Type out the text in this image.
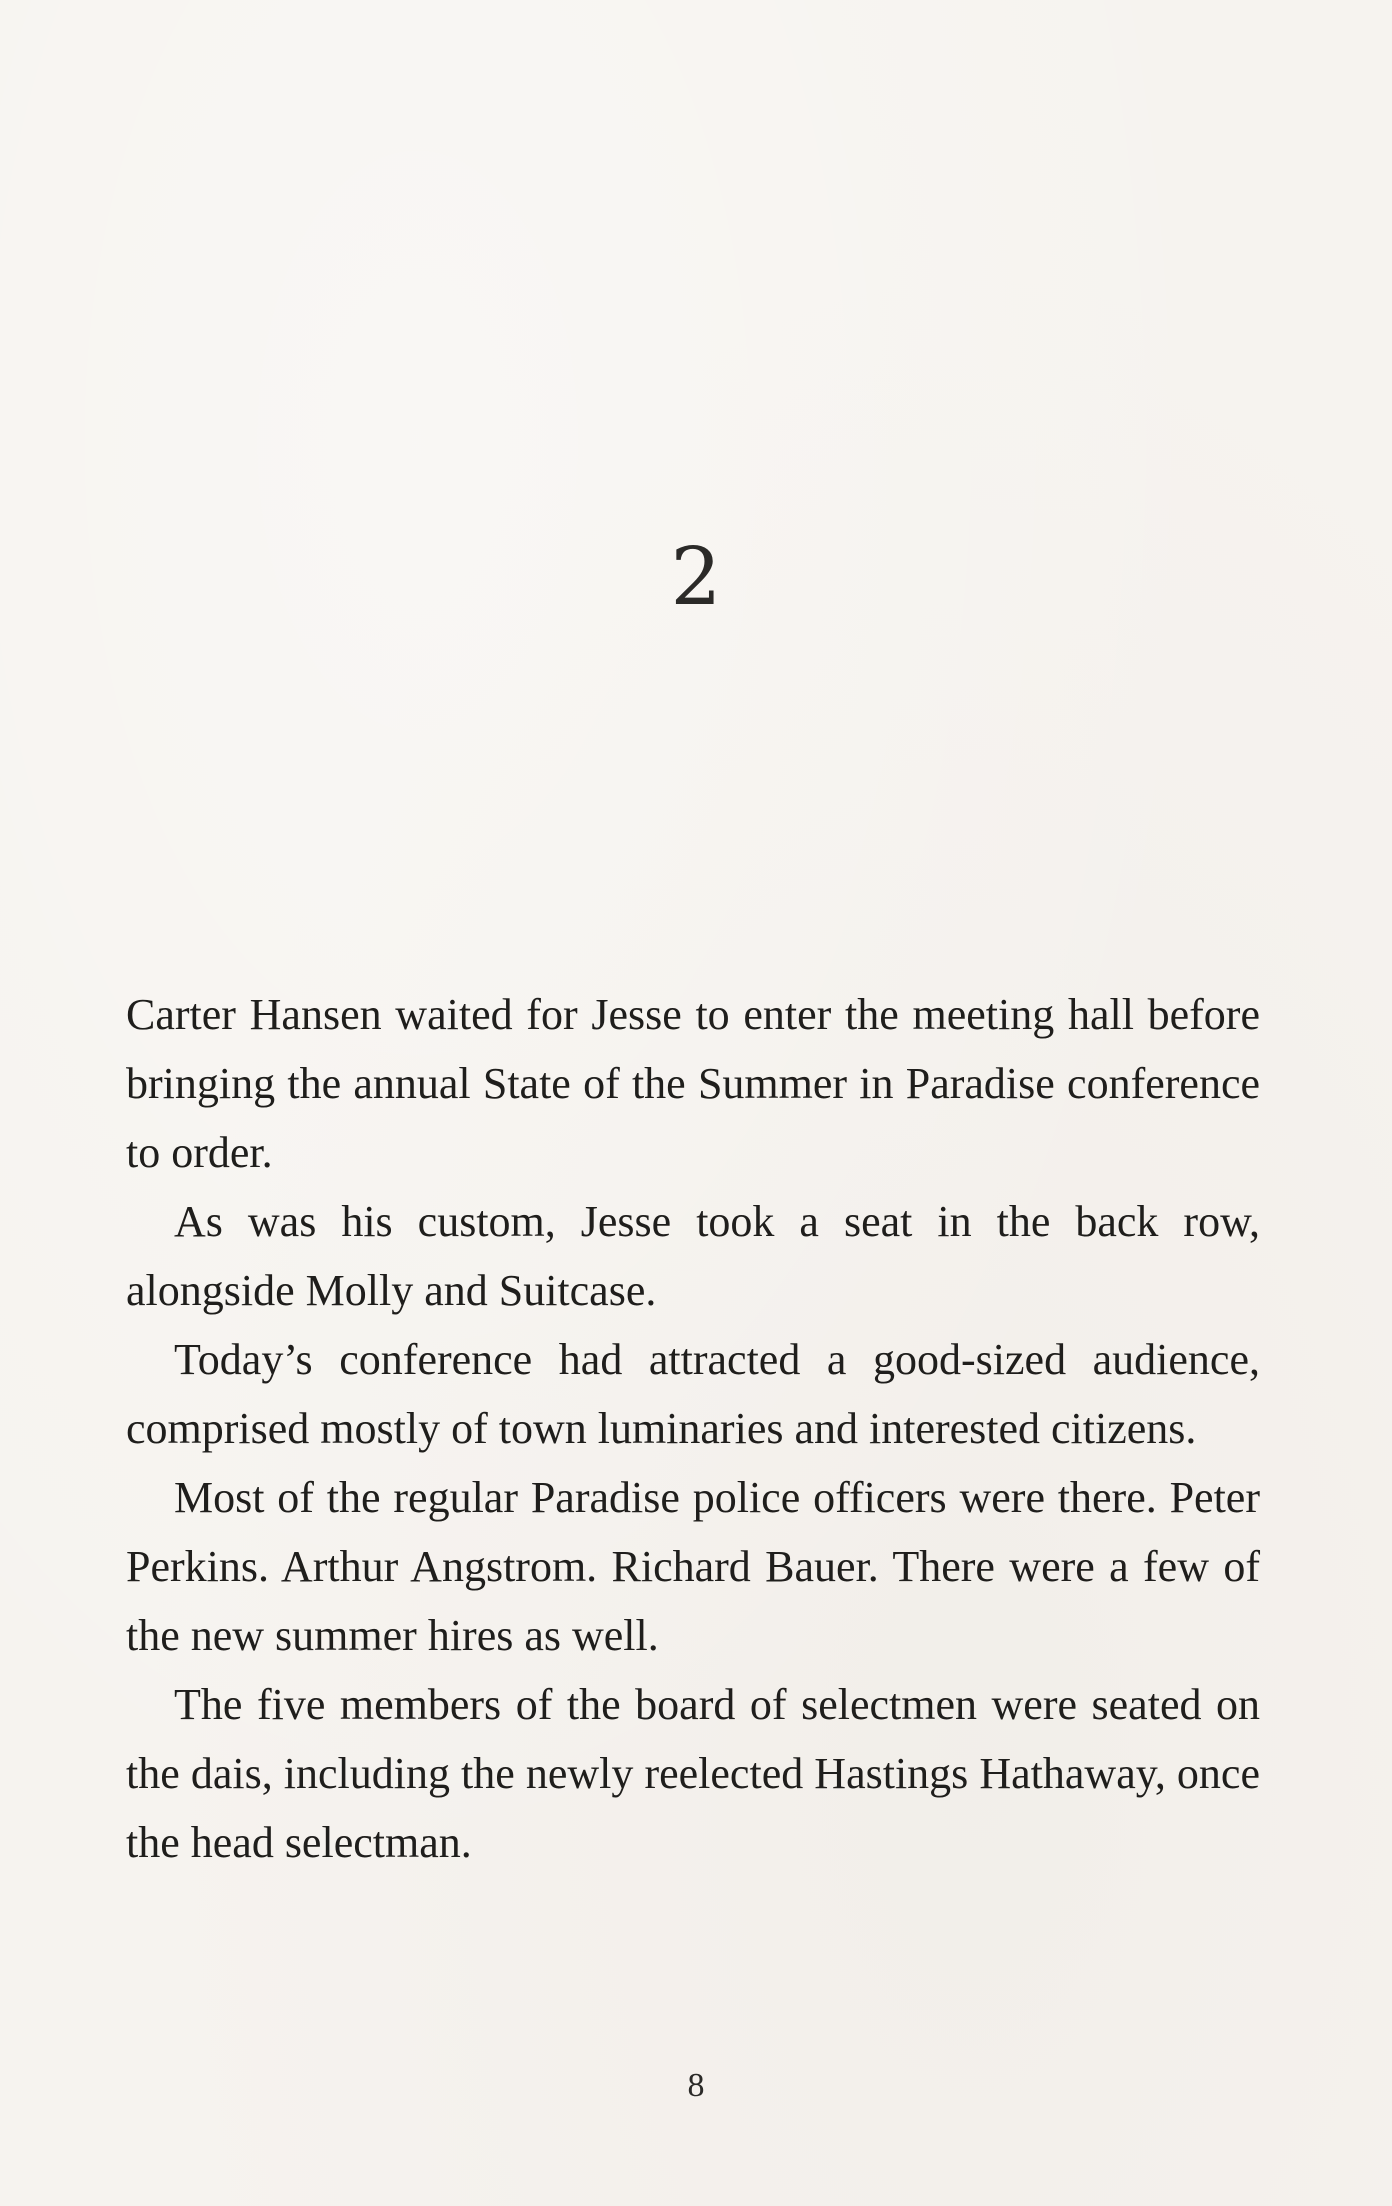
2

Carter Hansen waited for Jesse to enter the meeting hall before bringing the annual State of the Summer in Paradise conference to order.

As was his custom, Jesse took a seat in the back row, alongside Molly and Suitcase.

Today’s conference had attracted a good-sized audience, comprised mostly of town luminaries and interested citizens.

Most of the regular Paradise police officers were there. Peter Perkins. Arthur Angstrom. Richard Bauer. There were a few of the new summer hires as well.

The five members of the board of selectmen were seated on the dais, including the newly reelected Hastings Hathaway, once the head selectman.

8
